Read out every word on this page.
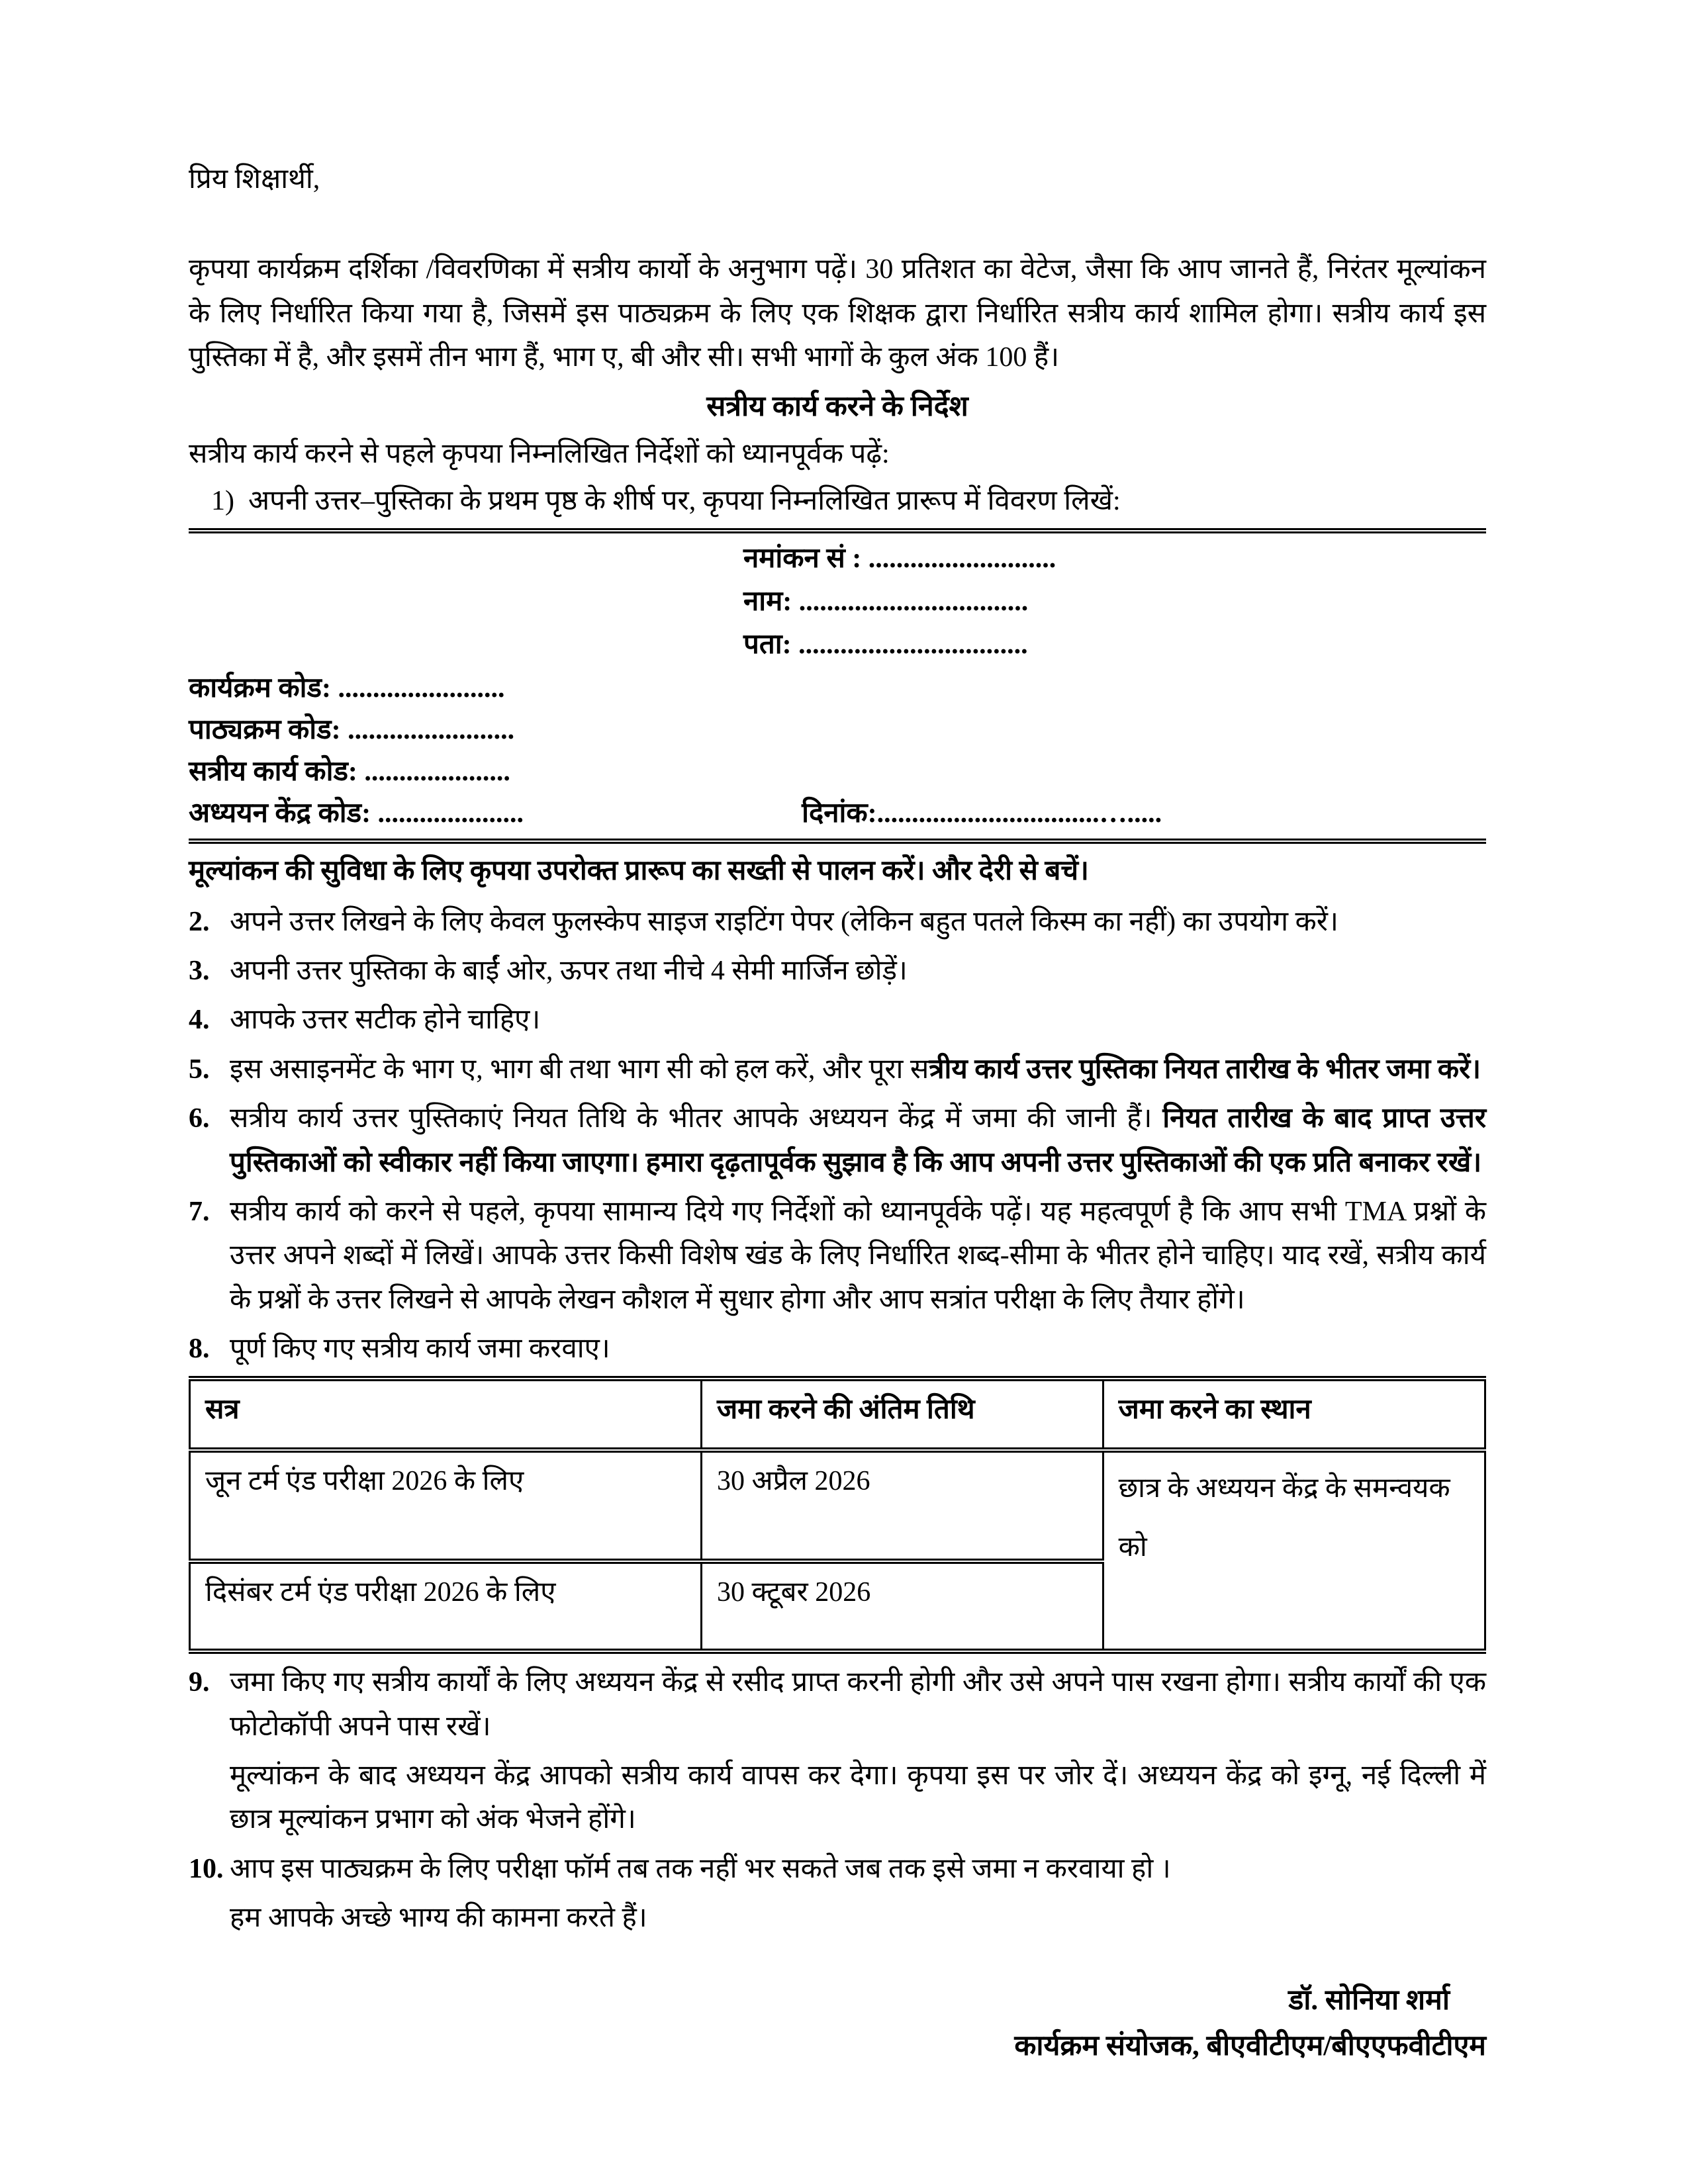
प्रिय शिक्षार्थी,

कृपया कार्यक्रम दर्शिका /विवरणिका में सत्रीय कार्यो के अनुभाग पढ़ें। 30 प्रतिशत का वेटेज, जैसा कि आप जानते हैं, निरंतर मूल्यांकन के लिए निर्धारित किया गया है, जिसमें इस पाठ्यक्रम के लिए एक शिक्षक द्वारा निर्धारित सत्रीय कार्य शामिल होगा। सत्रीय कार्य इस पुस्तिका में है, और इसमें तीन भाग हैं, भाग ए, बी और सी। सभी भागों के कुल अंक 100 हैं।

सत्रीय कार्य करने के निर्देश

सत्रीय कार्य करने से पहले कृपया निम्नलिखित निर्देशों को ध्यानपूर्वक पढ़ें:

1) अपनी उत्तर–पुस्तिका के प्रथम पृष्ठ के शीर्ष पर, कृपया निम्नलिखित प्रारूप में विवरण लिखें:
नमांकन सं : ...........................
नाम: .................................
पता: .................................
कार्यक्रम कोड: ........................
पाठ्यक्रम कोड: ........................
सत्रीय कार्य कोड: .....................
अध्ययन केंद्र कोड: .....................	दिनांक:................................….....

मूल्यांकन की सुविधा के लिए कृपया उपरोक्त प्रारूप का सख्ती से पालन करें। और देरी से बचें।

2. अपने उत्तर लिखने के लिए केवल फुलस्केप साइज राइटिंग पेपर (लेकिन बहुत पतले किस्म का नहीं) का उपयोग करें।
3. अपनी उत्तर पुस्तिका के बाईं ओर, ऊपर तथा नीचे 4 सेमी मार्जिन छोड़ें।
4. आपके उत्तर सटीक होने चाहिए।
5. इस असाइनमेंट के भाग ए, भाग बी तथा भाग सी को हल करें, और पूरा सत्रीय कार्य उत्तर पुस्तिका नियत तारीख के भीतर जमा करें।
6. सत्रीय कार्य उत्तर पुस्तिकाएं नियत तिथि के भीतर आपके अध्ययन केंद्र में जमा की जानी हैं। नियत तारीख के बाद प्राप्त उत्तर पुस्तिकाओं को स्वीकार नहीं किया जाएगा। हमारा दृढ़तापूर्वक सुझाव है कि आप अपनी उत्तर पुस्तिकाओं की एक प्रति बनाकर रखें।
7. सत्रीय कार्य को करने से पहले, कृपया सामान्य दिये गए निर्देशों को ध्यानपूर्वके पढ़ें। यह महत्वपूर्ण है कि आप सभी TMA प्रश्नों के उत्तर अपने शब्दों में लिखें। आपके उत्तर किसी विशेष खंड के लिए निर्धारित शब्द-सीमा के भीतर होने चाहिए। याद रखें, सत्रीय कार्य के प्रश्नों के उत्तर लिखने से आपके लेखन कौशल में सुधार होगा और आप सत्रांत परीक्षा के लिए तैयार होंगे।
8. पूर्ण किए गए सत्रीय कार्य जमा करवाए।
सत्र	जमा करने की अंतिम तिथि	जमा करने का स्थान
जून टर्म एंड परीक्षा 2026 के लिए	30 अप्रैल 2026	छात्र के अध्ययन केंद्र के समन्वयक को
दिसंबर टर्म एंड परीक्षा 2026 के लिए	30 क्टूबर 2026	
9. जमा किए गए सत्रीय कार्यों के लिए अध्ययन केंद्र से रसीद प्राप्त करनी होगी और उसे अपने पास रखना होगा। सत्रीय कार्यों की एक फोटोकॉपी अपने पास रखें।

मूल्यांकन के बाद अध्ययन केंद्र आपको सत्रीय कार्य वापस कर देगा। कृपया इस पर जोर दें। अध्ययन केंद्र को इग्नू, नई दिल्ली में छात्र मूल्यांकन प्रभाग को अंक भेजने होंगे।

10. आप इस पाठ्यक्रम के लिए परीक्षा फॉर्म तब तक नहीं भर सकते जब तक इसे जमा न करवाया हो ।

हम आपके अच्छे भाग्य की कामना करते हैं।

डॉ. सोनिया शर्मा
कार्यक्रम संयोजक, बीएवीटीएम/बीएएफवीटीएम
